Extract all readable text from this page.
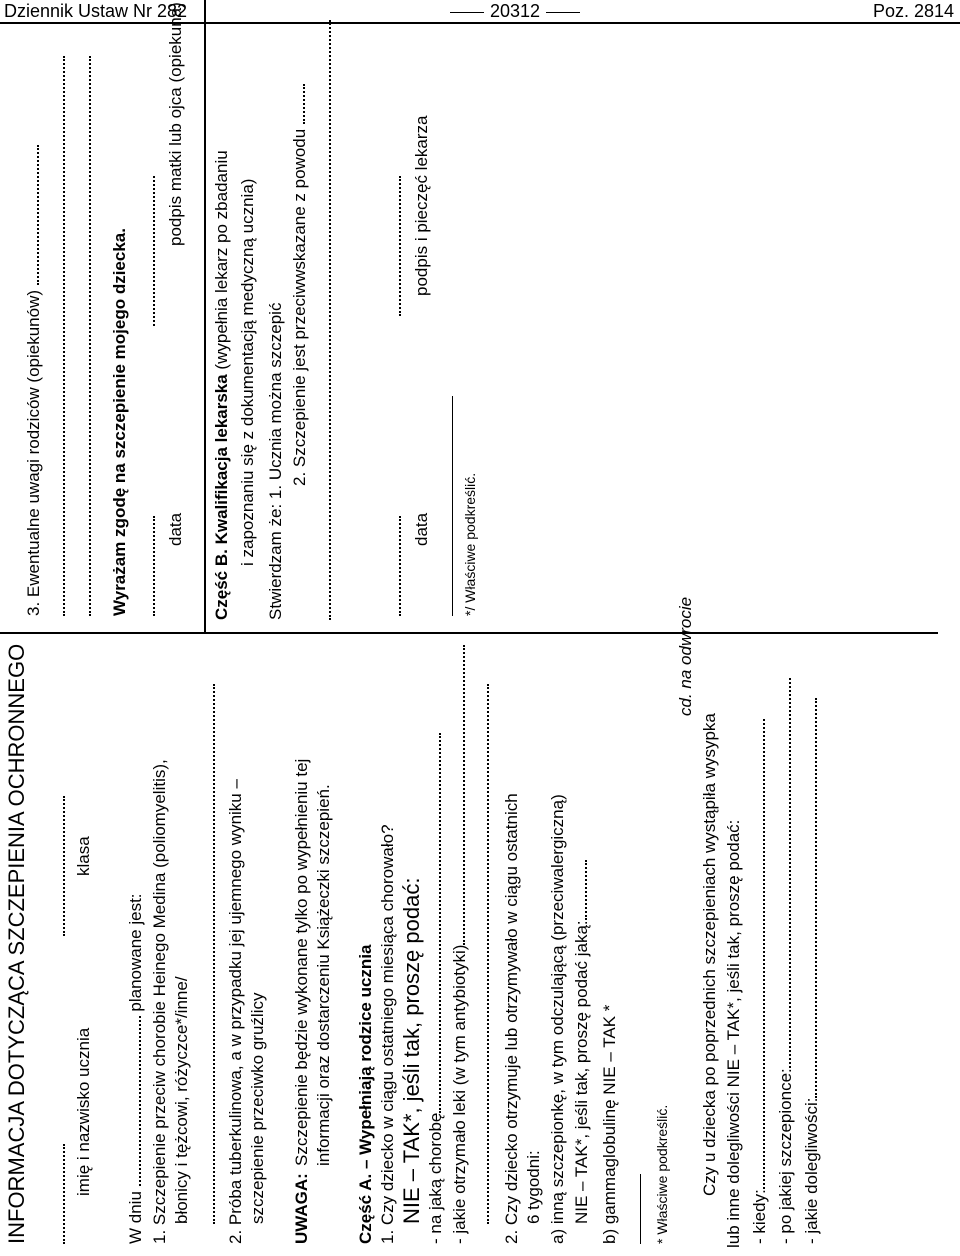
Dziennik Ustaw Nr 282	20312	Poz. 2814
INFORMACJA DOTYCZĄCA SZCZEPIENIA OCHRONNEGO	imię i nazwisko ucznia
klasa
W dniu  planowane jest: 1. Szczepienie przeciw chorobie Heinego Medina (poliomyelitis), błonicy i tężcowi, różyczce*/inne/ 2. Próba tuberkulinowa, a w przypadku jej ujemnego wyniku – szczepienie przeciwko gruźlicy UWAGA:
Szczepienie będzie wykonane tylko po wypełnieniu tej informacji oraz dostarczeniu Książeczki szczepień. Część A. – Wypełniają rodzice ucznia 1. Czy dziecko w ciągu ostatniego miesiąca chorowało? NIE – TAK*, jeśli tak, proszę podać: - na jaką chorobę - jakie otrzymało leki (w tym antybiotyki) 2. Czy dziecko otrzymuje lub otrzymywało w ciągu ostatnich 6 tygodni: a) inną szczepionkę, w tym odczulającą (przeciwalergiczną) NIE – TAK*, jeśli tak, proszę podać jaką: b) gammaglobulinę NIE – TAK *	* Właściwe podkreślić.
cd. na odwrocie
Czy u dziecka po poprzednich szczepieniach wystąpiła wysypka lub inne dolegliwości NIE – TAK*, jeśli tak, proszę podać: - kiedy: - po jakiej szczepionce: - jakie dolegliwości:
3. Ewentualne uwagi rodziców (opiekunów)	Wyrażam zgodę na szczepienie mojego dziecka. data
podpis matki lub ojca (opiekuna)
Część B. Kwalifikacja lekarska (wypełnia lekarz po zbadaniu i zapoznaniu się z dokumentacją medyczną ucznia) Stwierdzam że: 1. Uczniа można szczepić 2. Szczepienie jest przeciwwskazane z powodu
data
podpis i pieczęć lekarza
*/ Właściwe podkreślić.
